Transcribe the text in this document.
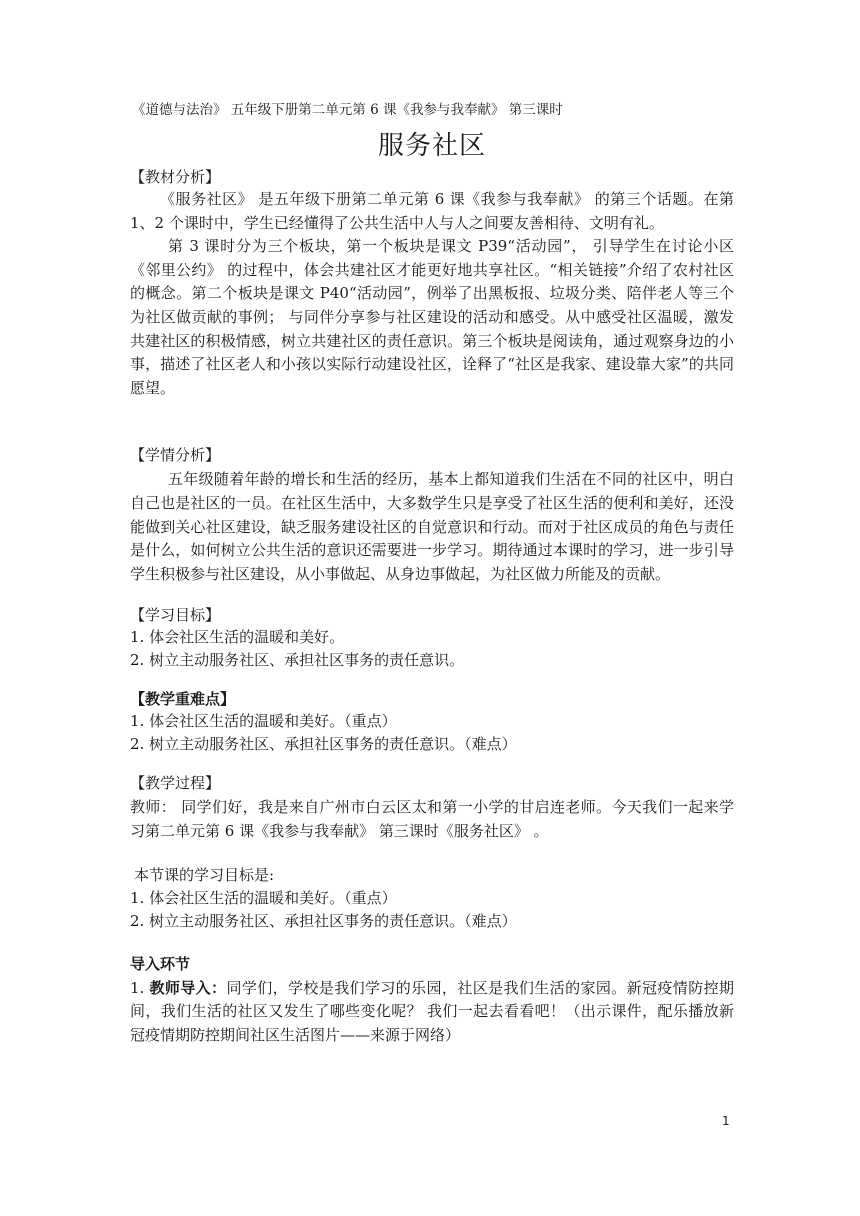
《道德与法治》 五年级下册第二单元第 6 课《我参与我奉献》 第三课时
服务社区
【教材分析】
《服务社区》 是五年级下册第二单元第 6 课《我参与我奉献》 的第三个话题。在第 1、2 个课时中，学生已经懂得了公共生活中人与人之间要友善相待、文明有礼。
第 3 课时分为三个板块，第一个板块是课文 P39“活动园”， 引导学生在讨论小区《邻里公约》 的过程中，体会共建社区才能更好地共享社区。“相关链接”介绍了农村社区的概念。第二个板块是课文 P40“活动园”，例举了出黑板报、垃圾分类、陪伴老人等三个为社区做贡献的事例； 与同伴分享参与社区建设的活动和感受。从中感受社区温暖，激发共建社区的积极情感，树立共建社区的责任意识。第三个板块是阅读角，通过观察身边的小事，描述了社区老人和小孩以实际行动建设社区，诠释了“社区是我家、建设靠大家”的共同愿望。
【学情分析】
五年级随着年龄的增长和生活的经历，基本上都知道我们生活在不同的社区中，明白自己也是社区的一员。在社区生活中，大多数学生只是享受了社区生活的便利和美好，还没能做到关心社区建设，缺乏服务建设社区的自觉意识和行动。而对于社区成员的角色与责任是什么，如何树立公共生活的意识还需要进一步学习。期待通过本课时的学习，进一步引导学生积极参与社区建设，从小事做起、从身边事做起，为社区做力所能及的贡献。
【学习目标】
1. 体会社区生活的温暖和美好。
2. 树立主动服务社区、承担社区事务的责任意识。
【教学重难点】
1. 体会社区生活的温暖和美好。（重点）
2. 树立主动服务社区、承担社区事务的责任意识。（难点）
【教学过程】
教师： 同学们好，我是来自广州市白云区太和第一小学的甘启连老师。今天我们一起来学习第二单元第 6 课《我参与我奉献》 第三课时《服务社区》 。
本节课的学习目标是:
1. 体会社区生活的温暖和美好。（重点）
2. 树立主动服务社区、承担社区事务的责任意识。（难点）
导入环节
1. 教师导入：同学们，学校是我们学习的乐园，社区是我们生活的家园。新冠疫情防控期间，我们生活的社区又发生了哪些变化呢？ 我们一起去看看吧！（出示课件，配乐播放新冠疫情期防控期间社区生活图片——来源于网络）
1
